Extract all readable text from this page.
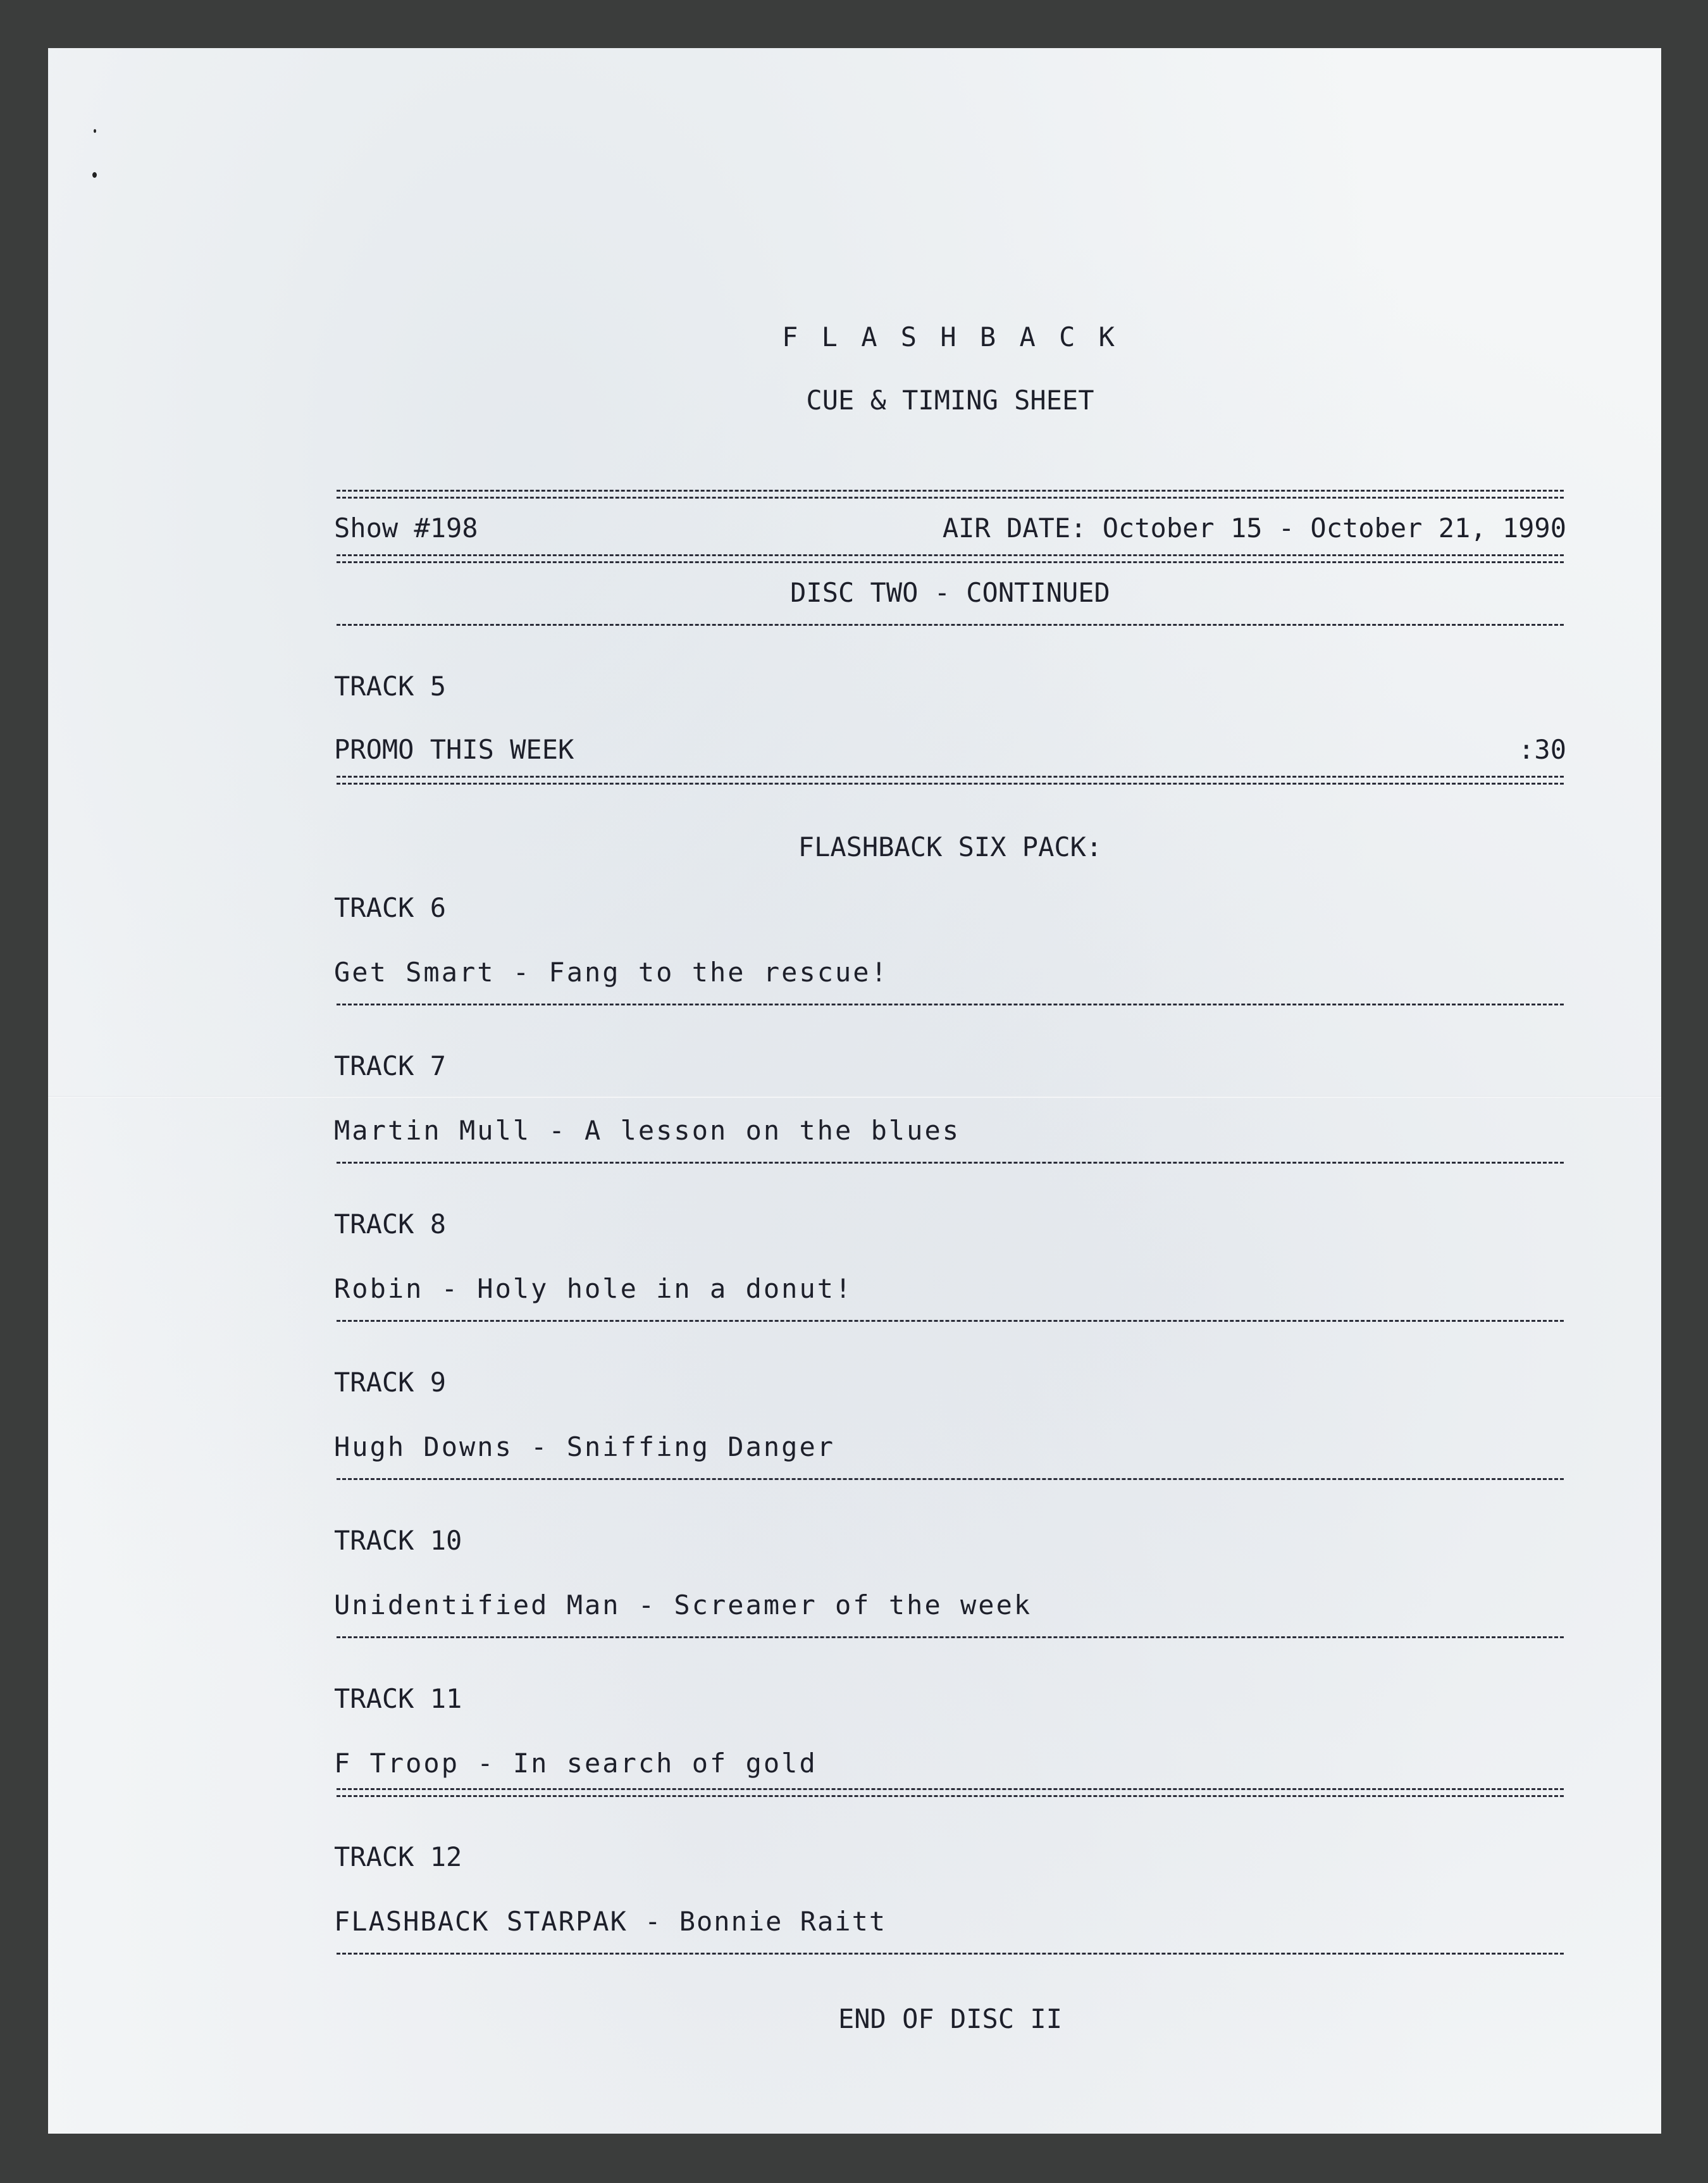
F L A S H B A C K
CUE & TIMING SHEET
Show #198	AIR DATE: October 15 - October 21, 1990
DISC TWO - CONTINUED
TRACK 5
PROMO THIS WEEK	:30
FLASHBACK SIX PACK:
TRACK 6
Get Smart - Fang to the rescue!
TRACK 7
Martin Mull - A lesson on the blues
TRACK 8
Robin - Holy hole in a donut!
TRACK 9
Hugh Downs - Sniffing Danger
TRACK 10
Unidentified Man - Screamer of the week
TRACK 11
F Troop - In search of gold
TRACK 12
FLASHBACK STARPAK - Bonnie Raitt
END OF DISC II
